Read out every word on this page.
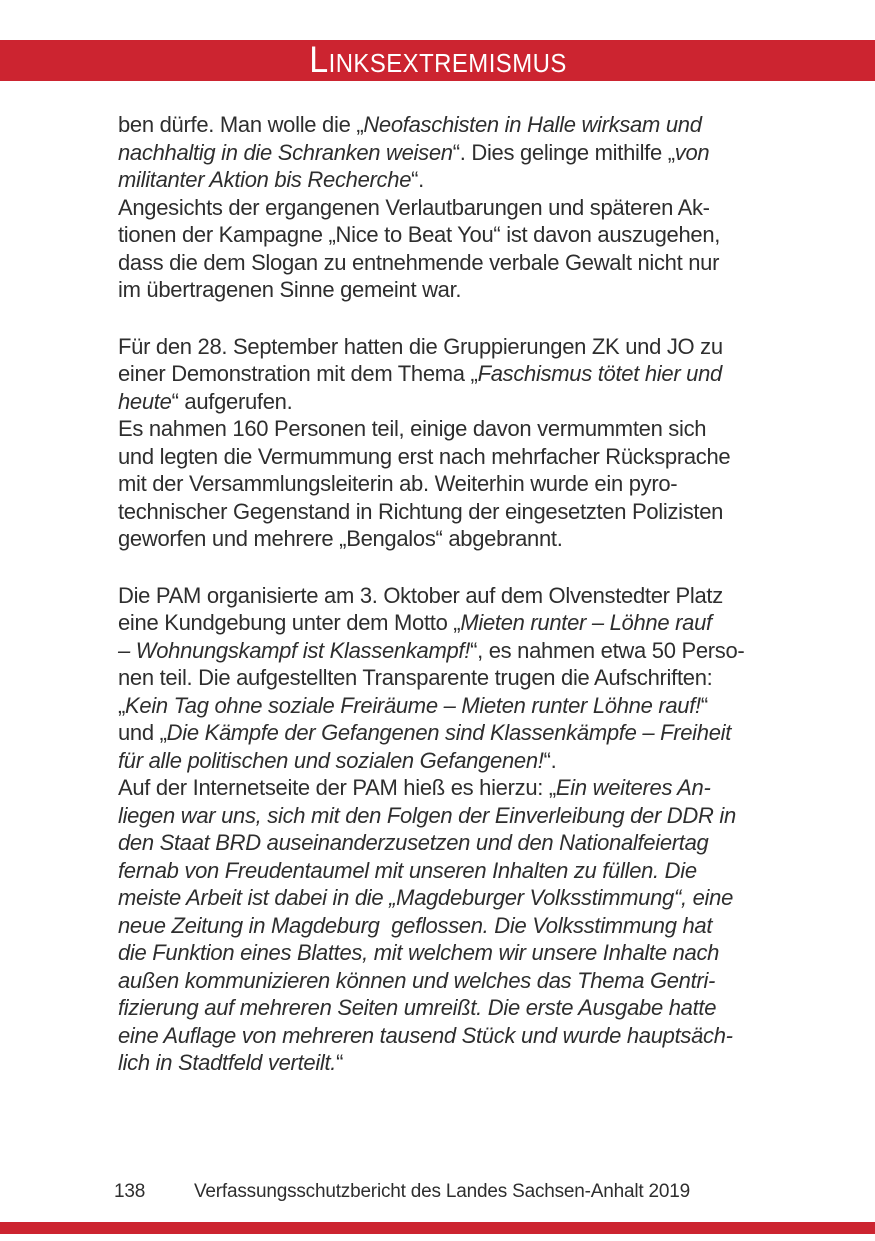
Linksextremismus
ben dürfe. Man wolle die „Neofaschisten in Halle wirksam und
nachhaltig in die Schranken weisen“. Dies gelinge mithilfe „von
militanter Aktion bis Recherche“.
Angesichts der ergangenen Verlautbarungen und späteren Ak-
tionen der Kampagne „Nice to Beat You“ ist davon auszugehen,
dass die dem Slogan zu entnehmende verbale Gewalt nicht nur
im übertragenen Sinne gemeint war.
Für den 28. September hatten die Gruppierungen ZK und JO zu
einer Demonstration mit dem Thema „Faschismus tötet hier und
heute“ aufgerufen.
Es nahmen 160 Personen teil, einige davon vermummten sich
und legten die Vermummung erst nach mehrfacher Rücksprache
mit der Versammlungsleiterin ab. Weiterhin wurde ein pyro-
technischer Gegenstand in Richtung der eingesetzten Polizisten
geworfen und mehrere „Bengalos“ abgebrannt.
Die PAM organisierte am 3. Oktober auf dem Olvenstedter Platz
eine Kundgebung unter dem Motto „Mieten runter – Löhne rauf
– Wohnungskampf ist Klassenkampf!“, es nahmen etwa 50 Perso-
nen teil. Die aufgestellten Transparente trugen die Aufschriften:
„Kein Tag ohne soziale Freiräume – Mieten runter Löhne rauf!“
und „Die Kämpfe der Gefangenen sind Klassenkämpfe – Freiheit
für alle politischen und sozialen Gefangenen!“.
Auf der Internetseite der PAM hieß es hierzu: „Ein weiteres An-
liegen war uns, sich mit den Folgen der Einverleibung der DDR in
den Staat BRD auseinanderzusetzen und den Nationalfeiertag
fernab von Freudentaumel mit unseren Inhalten zu füllen. Die
meiste Arbeit ist dabei in die „Magdeburger Volksstimmung“, eine
neue Zeitung in Magdeburg  geflossen. Die Volksstimmung hat
die Funktion eines Blattes, mit welchem wir unsere Inhalte nach
außen kommunizieren können und welches das Thema Gentri-
fizierung auf mehreren Seiten umreißt. Die erste Ausgabe hatte
eine Auflage von mehreren tausend Stück und wurde hauptsäch-
lich in Stadtfeld verteilt.“
138	Verfassungsschutzbericht des Landes Sachsen-Anhalt 2019
